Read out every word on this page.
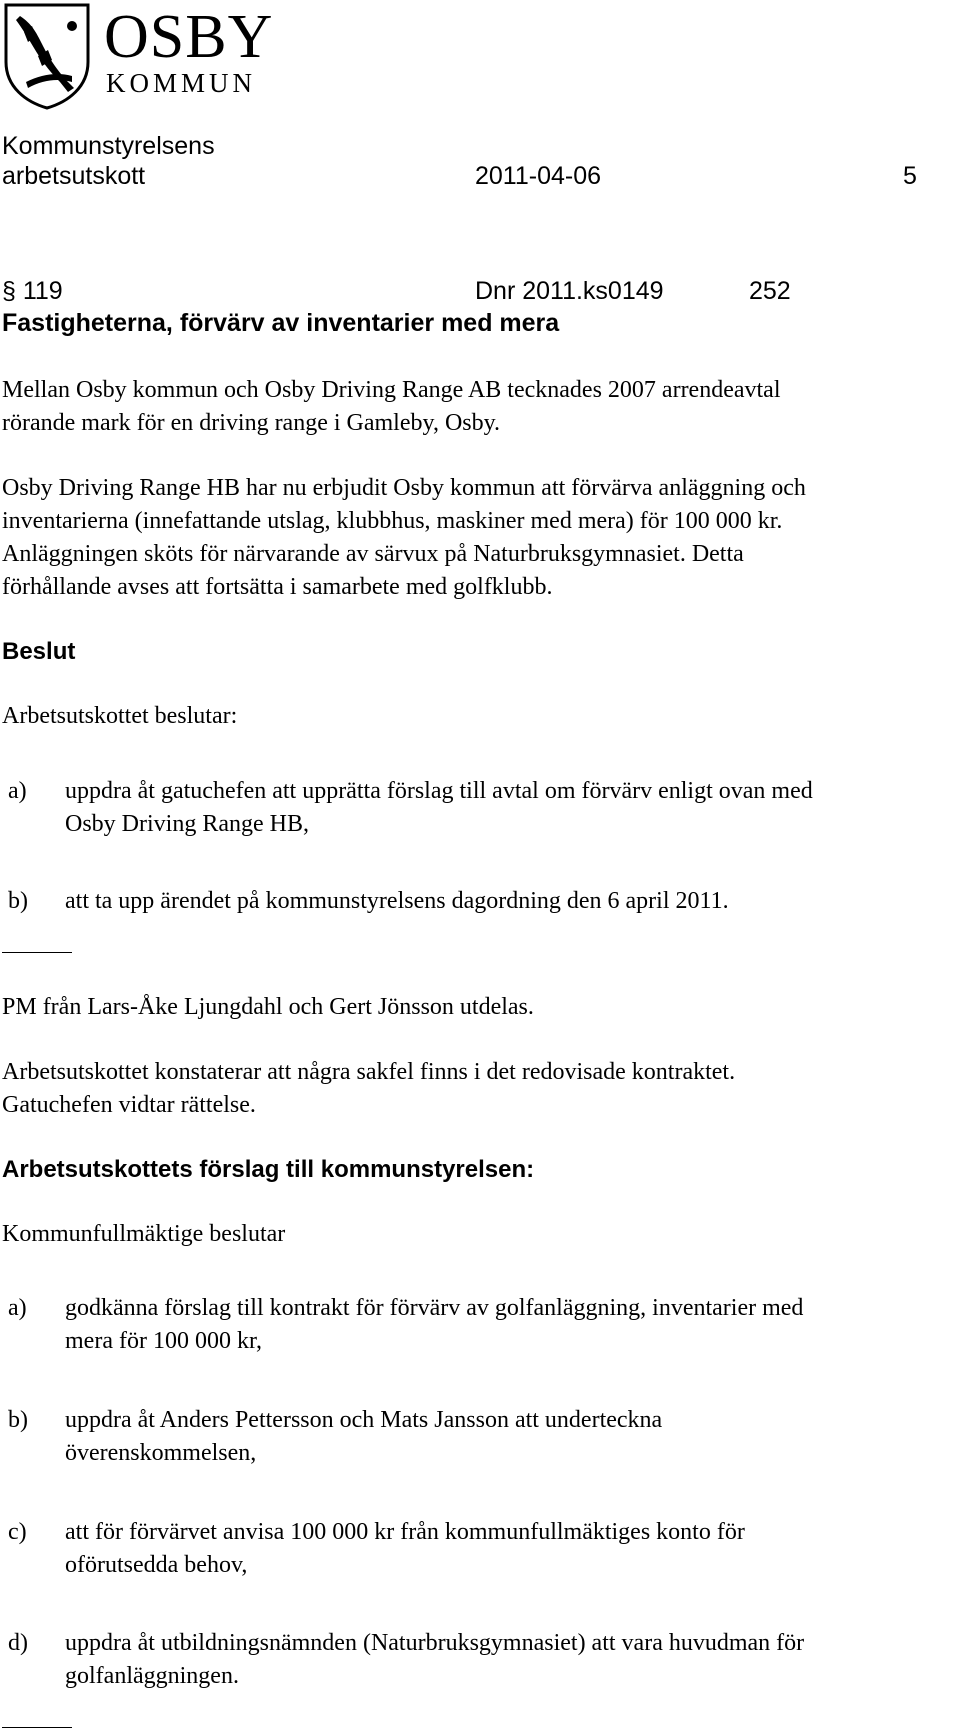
OSBY
KOMMUN
Kommunstyrelsens
arbetsutskott	2011-04-06	5
§ 119	Dnr 2011.ks0149	252
Fastigheterna, förvärv av inventarier med mera
Mellan Osby kommun och Osby Driving Range AB tecknades 2007 arrendeavtal
rörande mark för en driving range i Gamleby, Osby.
Osby Driving Range HB har nu erbjudit Osby kommun att förvärva anläggning och
inventarierna (innefattande utslag, klubbhus, maskiner med mera) för 100 000 kr.
Anläggningen sköts för närvarande av särvux på Naturbruksgymnasiet. Detta
förhållande avses att fortsätta i samarbete med golfklubb.
Beslut
Arbetsutskottet beslutar:
a) uppdra åt gatuchefen att upprätta förslag till avtal om förvärv enligt ovan med
Osby Driving Range HB,
b) att ta upp ärendet på kommunstyrelsens dagordning den 6 april 2011.
PM från Lars-Åke Ljungdahl och Gert Jönsson utdelas.
Arbetsutskottet konstaterar att några sakfel finns i det redovisade kontraktet.
Gatuchefen vidtar rättelse.
Arbetsutskottets förslag till kommunstyrelsen:
Kommunfullmäktige beslutar
a) godkänna förslag till kontrakt för förvärv av golfanläggning, inventarier med
mera för 100 000 kr,
b) uppdra åt Anders Pettersson och Mats Jansson att underteckna
överenskommelsen,
c) att för förvärvet anvisa 100 000 kr från kommunfullmäktiges konto för
oförutsedda behov,
d) uppdra åt utbildningsnämnden (Naturbruksgymnasiet) att vara huvudman för
golfanläggningen.
